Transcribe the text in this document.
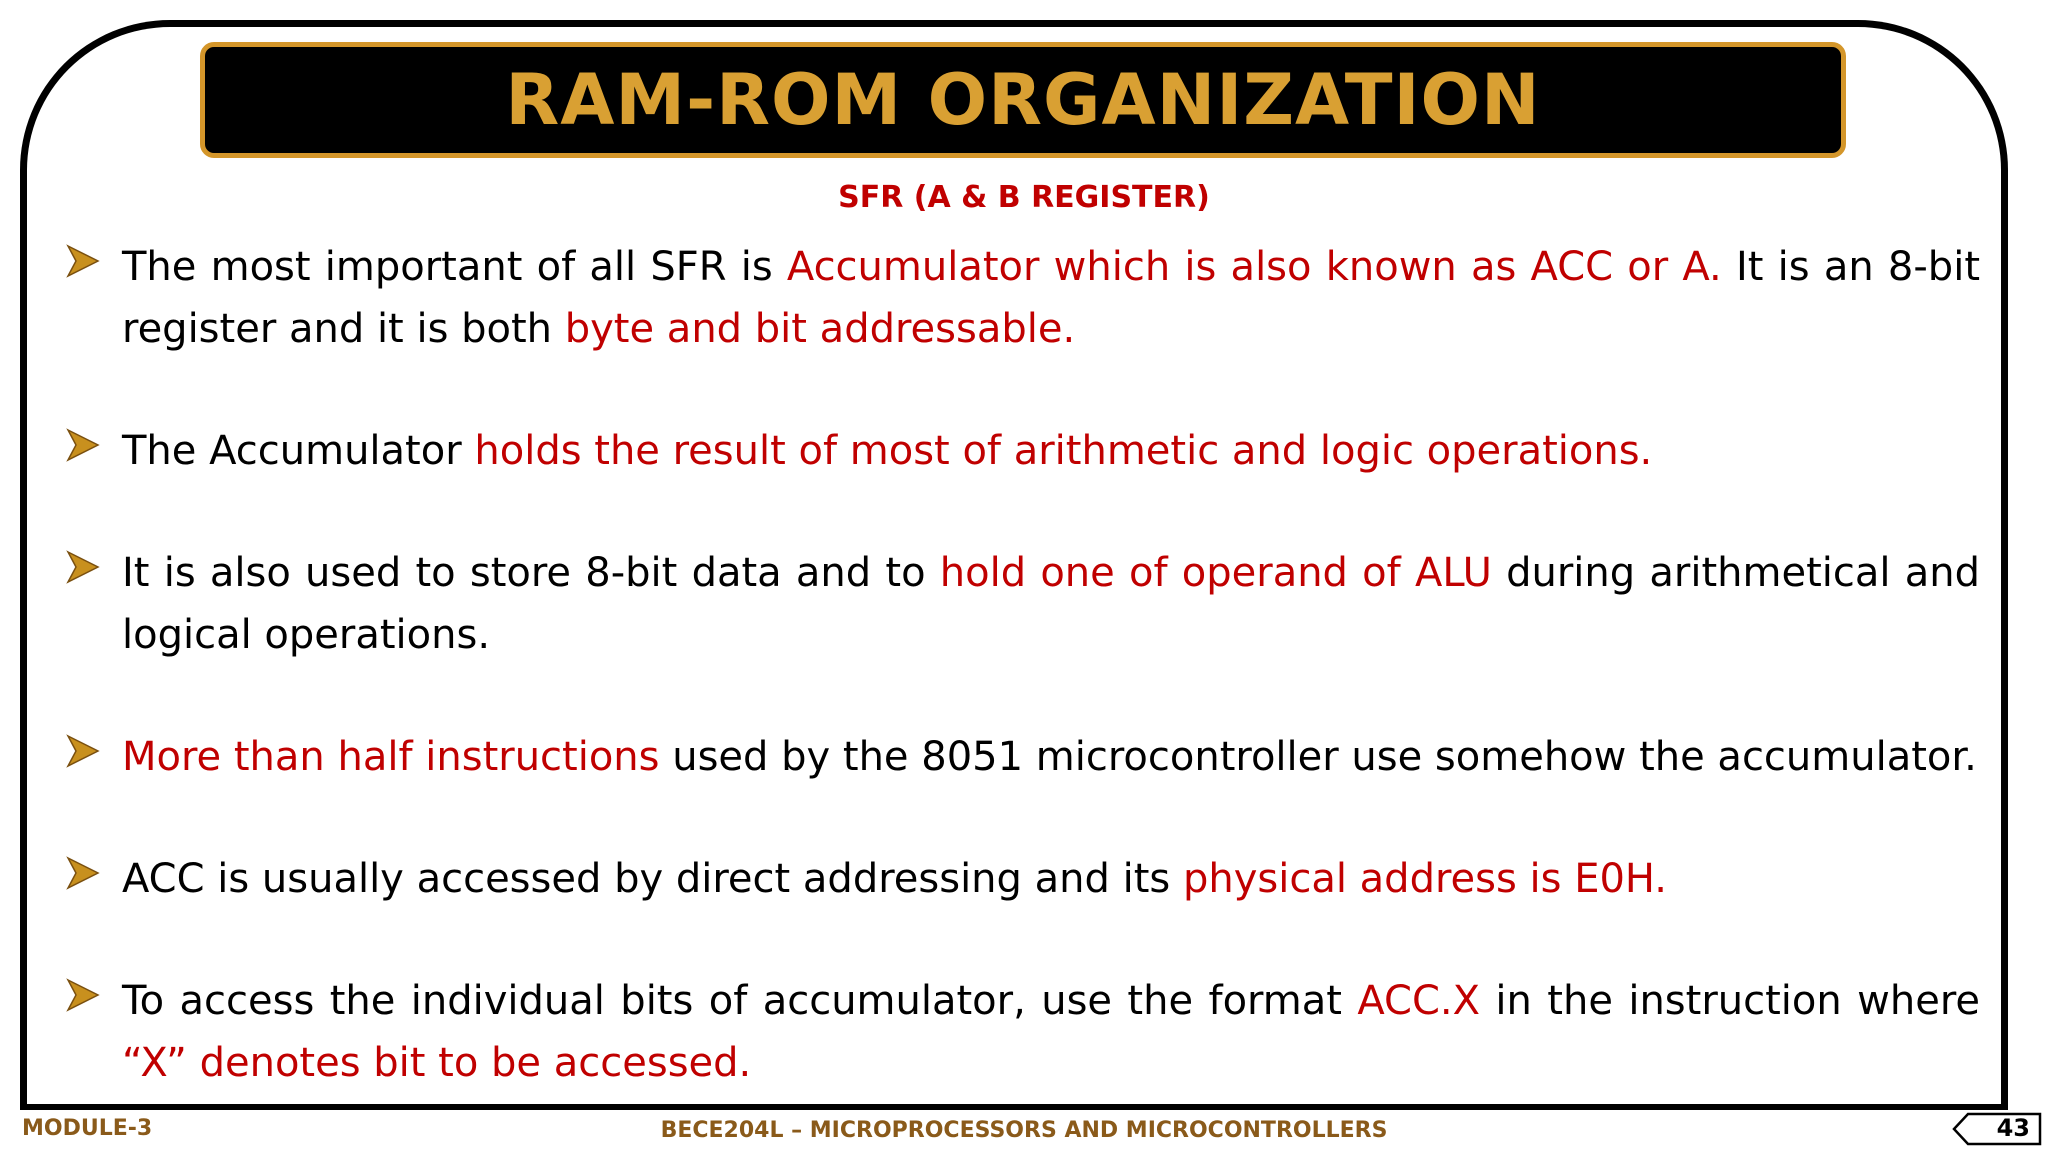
RAM-ROM ORGANIZATION
SFR (A & B REGISTER)
The most important of all SFR is Accumulator which is also known as ACC or A. It is an 8-bit register and it is both byte and bit addressable.
The Accumulator holds the result of most of arithmetic and logic operations.
It is also used to store 8-bit data and to hold one of operand of ALU during arithmetical and logical operations.
More than half instructions used by the 8051 microcontroller use somehow the accumulator.
ACC is usually accessed by direct addressing and its physical address is E0H.
To access the individual bits of accumulator, use the format ACC.X in the instruction where “X” denotes bit to be accessed.
MODULE-3	BECE204L – MICROPROCESSORS AND MICROCONTROLLERS	43
